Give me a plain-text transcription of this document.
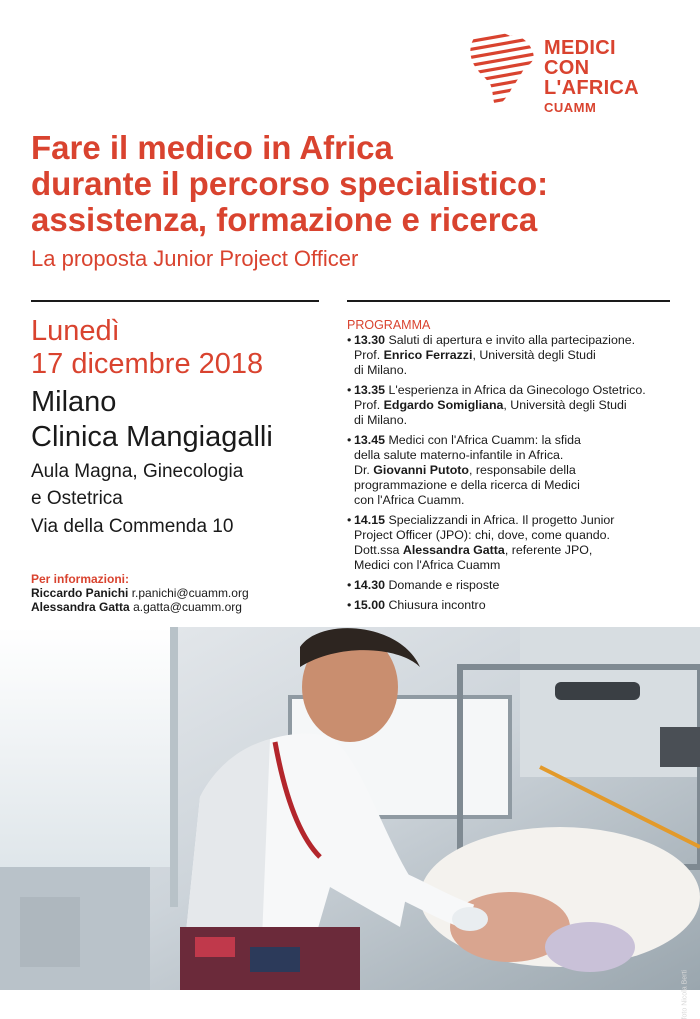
MEDICI
CON L'AFRICA
CUAMM
Fare il medico in Africa
durante il percorso specialistico:
assistenza, formazione e ricerca
La proposta Junior Project Officer
Lunedì
17 dicembre 2018
Milano
Clinica Mangiagalli
Aula Magna, Ginecologia
e Ostetrica
Via della Commenda 10
Per informazioni:
Riccardo Panichi r.panichi@cuamm.org
Alessandra Gatta a.gatta@cuamm.org
PROGRAMMA
• 13.30 Saluti di apertura e invito alla partecipazione.
Prof. Enrico Ferrazzi, Università degli Studi
di Milano.
• 13.35 L'esperienza in Africa da Ginecologo Ostetrico.
Prof. Edgardo Somigliana, Università degli Studi
di Milano.
• 13.45 Medici con l'Africa Cuamm: la sfida
della salute materno-infantile in Africa.
Dr. Giovanni Putoto, responsabile della
programmazione e della ricerca di Medici
con l'Africa Cuamm.
• 14.15 Specializzandi in Africa. Il progetto Junior
Project Officer (JPO): chi, dove, come quando.
Dott.ssa Alessandra Gatta, referente JPO,
Medici con l'Africa Cuamm
• 14.30 Domande e risposte
• 15.00 Chiusura incontro
foto Nicola Berti
